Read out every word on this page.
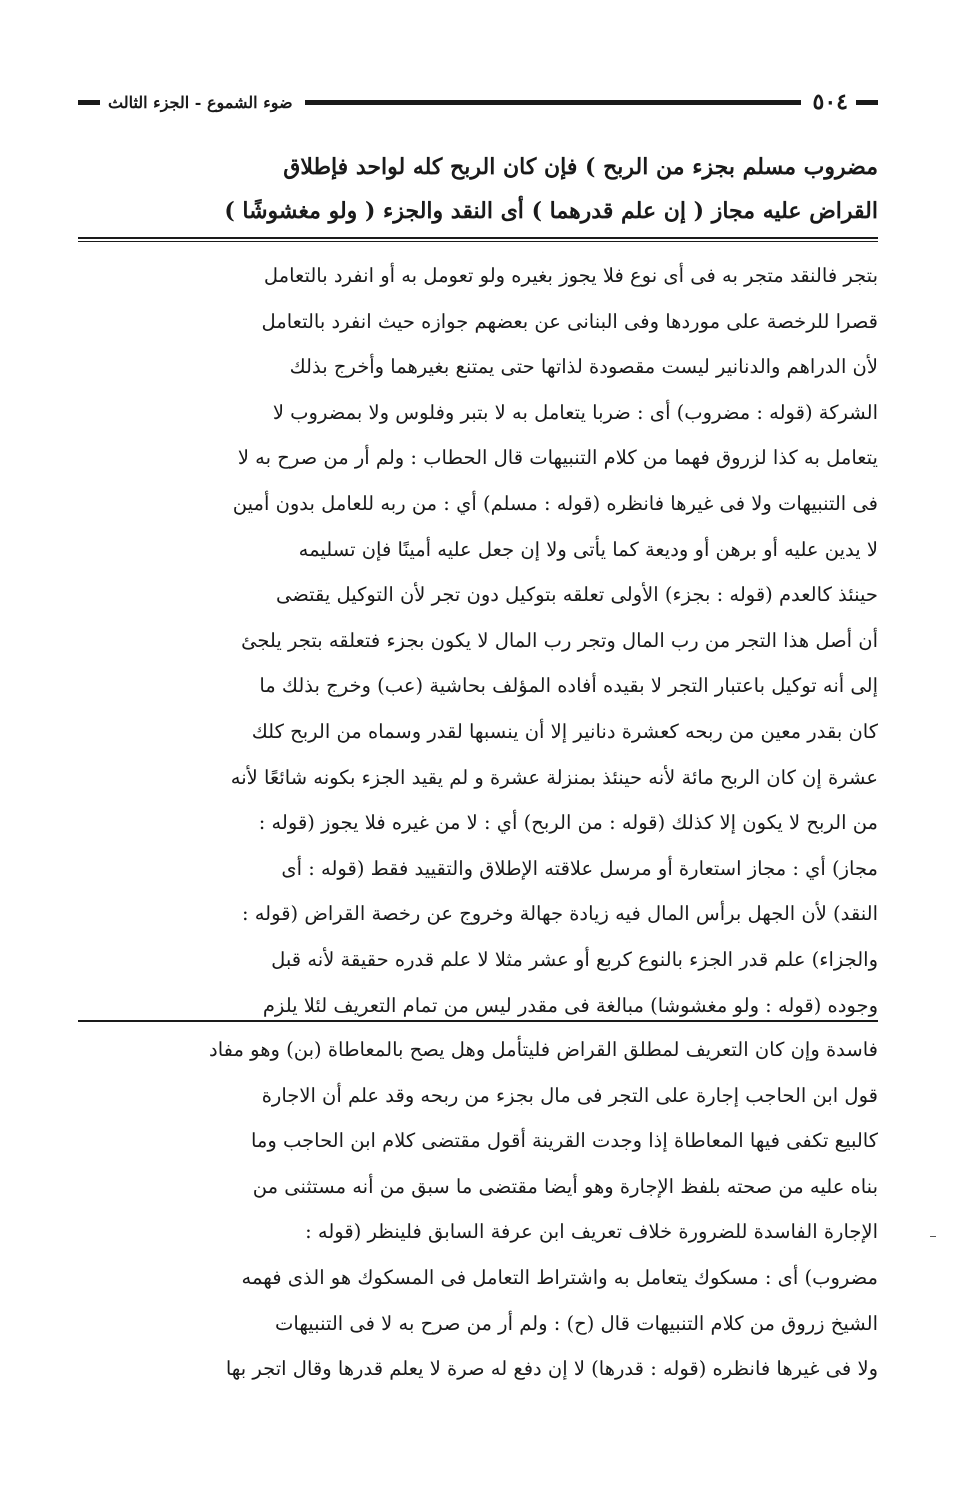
٥٠٤
ضوء الشموع - الجزء الثالث
مضروب مسلم بجزء من الربح ) فإن كان الربح كله لواحد فإطلاق
القراض عليه مجاز ( إن علم قدرهما ) أى النقد والجزء ( ولو مغشوشًا )
بتجر فالنقد متجر به فى أى نوع فلا يجوز بغيره ولو تعومل به أو انفرد بالتعامل
قصرا للرخصة على موردها وفى البنانى عن بعضهم جوازه حيث انفرد بالتعامل
لأن الدراهم والدنانير ليست مقصودة لذاتها حتى يمتنع بغيرهما وأخرج بذلك
الشركة (قوله : مضروب) أى : ضربا يتعامل به لا بتبر وفلوس ولا بمضروب لا
يتعامل به كذا لزروق فهما من كلام التنبيهات قال الحطاب : ولم أر من صرح به لا
فى التنبيهات ولا فى غيرها فانظره (قوله : مسلم) أي : من ربه للعامل بدون أمين
لا يدين عليه أو برهن أو وديعة كما يأتى ولا إن جعل عليه أمينًا فإن تسليمه
حينئذ كالعدم (قوله : بجزء) الأولى تعلقه بتوكيل دون تجر لأن التوكيل يقتضى
أن أصل هذا التجر من رب المال وتجر رب المال لا يكون بجزء فتعلقه بتجر يلجئ
إلى أنه توكيل باعتبار التجر لا بقيده أفاده المؤلف بحاشية (عب) وخرج بذلك ما
كان بقدر معين من ربحه كعشرة دنانير إلا أن ينسبها لقدر وسماه من الربح كلك
عشرة إن كان الربح مائة لأنه حينئذ بمنزلة عشرة و لم يقيد الجزء بكونه شائعًا لأنه
من الربح لا يكون إلا كذلك (قوله : من الربح) أي : لا من غيره فلا يجوز (قوله :
مجاز) أي : مجاز استعارة أو مرسل علاقته الإطلاق والتقييد فقط (قوله : أى
النقد) لأن الجهل برأس المال فيه زيادة جهالة وخروج عن رخصة القراض (قوله :
والجزاء) علم قدر الجزء بالنوع كربع أو عشر مثلا لا علم قدره حقيقة لأنه قبل
وجوده (قوله : ولو مغشوشا) مبالغة فى مقدر ليس من تمام التعريف لئلا يلزم
فاسدة وإن كان التعريف لمطلق القراض فليتأمل وهل يصح بالمعاطاة (بن) وهو مفاد
قول ابن الحاجب إجارة على التجر فى مال بجزء من ربحه وقد علم أن الاجارة
كالبيع تكفى فيها المعاطاة إذا وجدت القرينة أقول مقتضى كلام ابن الحاجب وما
بناه عليه من صحته بلفظ الإجارة وهو أيضا مقتضى ما سبق من أنه مستثنى من
الإجارة الفاسدة للضرورة خلاف تعريف ابن عرفة السابق فلينظر (قوله :
مضروب) أى : مسكوك يتعامل به واشتراط التعامل فى المسكوك هو الذى فهمه
الشيخ زروق من كلام التنبيهات قال (ح) : ولم أر من صرح به لا فى التنبيهات
ولا فى غيرها فانظره (قوله : قدرها) لا إن دفع له صرة لا يعلم قدرها وقال اتجر بها
